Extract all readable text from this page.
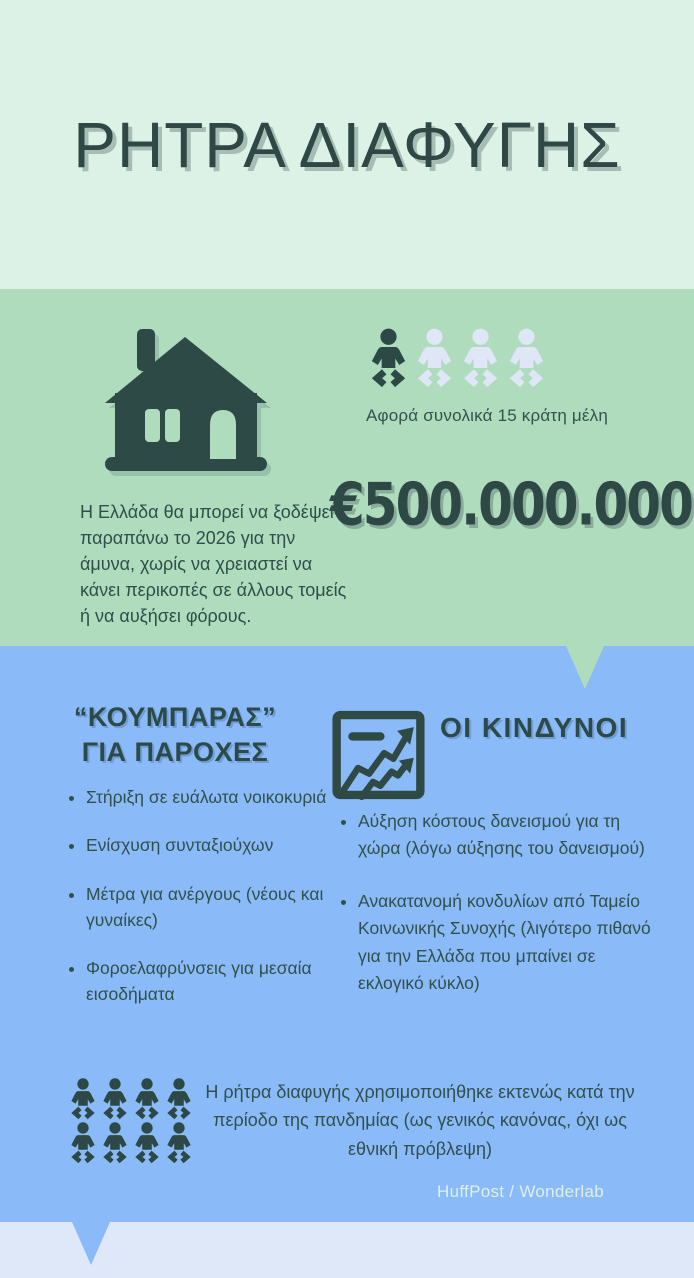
ΡΗΤΡΑ ΔΙΑΦΥΓΗΣ
Αφορά συνολικά 15 κράτη μέλη
€500.000.000

Η Ελλάδα θα μπορεί να ξοδέψει παραπάνω το 2026 για την άμυνα, χωρίς να χρειαστεί να κάνει περικοπές σε άλλους τομείς ή να αυξήσει φόρους.

“ΚΟΥΜΠΑΡΑΣ”
ΓΙΑ ΠΑΡΟΧΕΣ
• Στήριξη σε ευάλωτα νοικοκυριά
• Ενίσχυση συνταξιούχων
• Μέτρα για ανέργους (νέους και γυναίκες)
• Φοροελαφρύνσεις για μεσαία εισοδήματα
ΟΙ ΚΙΝΔΥΝΟΙ
• Αύξηση κόστους δανεισμού για τη χώρα (λόγω αύξησης του δανεισμού)
• Ανακατανομή κονδυλίων από Ταμείο Κοινωνικής Συνοχής (λιγότερο πιθανό για την Ελλάδα που μπαίνει σε εκλογικό κύκλο)

Η ρήτρα διαφυγής χρησιμοποιήθηκε εκτενώς κατά την περίοδο της πανδημίας (ως γενικός κανόνας, όχι ως εθνική πρόβλεψη)

HuffPost / Wonderlab
